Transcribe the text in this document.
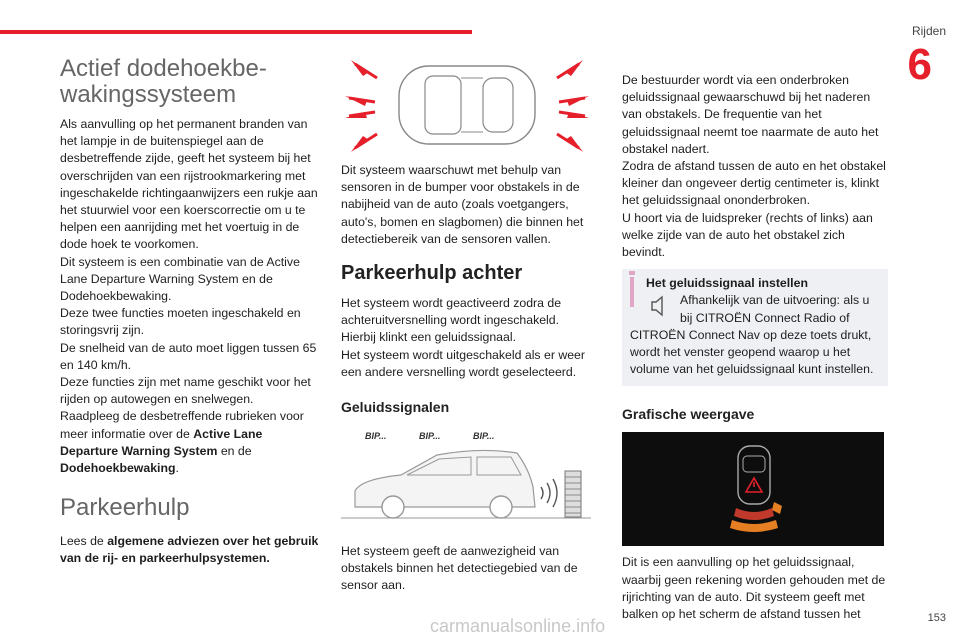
Rijden
6
Actief dodehoekbe-
wakingssysteem

Als aanvulling op het permanent branden van het lampje in de buitenspiegel aan de desbetreffende zijde, geeft het systeem bij het overschrijden van een rijstrookmarkering met ingeschakelde richtingaanwijzers een rukje aan het stuurwiel voor een koerscorrectie om u te helpen een aanrijding met het voertuig in de dode hoek te voorkomen.

Dit systeem is een combinatie van de Active Lane Departure Warning System en de Dodehoekbewaking.

Deze twee functies moeten ingeschakeld en storingsvrij zijn.

De snelheid van de auto moet liggen tussen 65 en 140 km/h.

Deze functies zijn met name geschikt voor het rijden op autowegen en snelwegen.

Raadpleeg de desbetreffende rubrieken voor meer informatie over de Active Lane Departure Warning System en de Dodehoekbewaking.

Parkeerhulp

Lees de algemene adviezen over het gebruik van de rij- en parkeerhulpsystemen.

Dit systeem waarschuwt met behulp van sensoren in de bumper voor obstakels in de nabijheid van de auto (zoals voetgangers, auto's, bomen en slagbomen) die binnen het detectiebereik van de sensoren vallen.

Parkeerhulp achter

Het systeem wordt geactiveerd zodra de achteruitversnelling wordt ingeschakeld. Hierbij klinkt een geluidssignaal.

Het systeem wordt uitgeschakeld als er weer een andere versnelling wordt geselecteerd.

Geluidssignalen
BIP...	BIP...	BIP...

Het systeem geeft de aanwezigheid van obstakels binnen het detectiegebied van de sensor aan.

De bestuurder wordt via een onderbroken geluidssignaal gewaarschuwd bij het naderen van obstakels. De frequentie van het geluidssignaal neemt toe naarmate de auto het obstakel nadert.

Zodra de afstand tussen de auto en het obstakel kleiner dan ongeveer dertig centimeter is, klinkt het geluidssignaal ononderbroken.

U hoort via de luidspreker (rechts of links) aan welke zijde van de auto het obstakel zich bevindt.

Het geluidssignaal instellen
Afhankelijk van de uitvoering: als u bij CITROËN Connect Radio of
CITROËN Connect Nav op deze toets drukt, wordt het venster geopend waarop u het volume van het geluidssignaal kunt instellen.
Grafische weergave

Dit is een aanvulling op het geluidssignaal, waarbij geen rekening worden gehouden met de rijrichting van de auto. Dit systeem geeft met balken op het scherm de afstand tussen het

carmanualsonline.info	153
